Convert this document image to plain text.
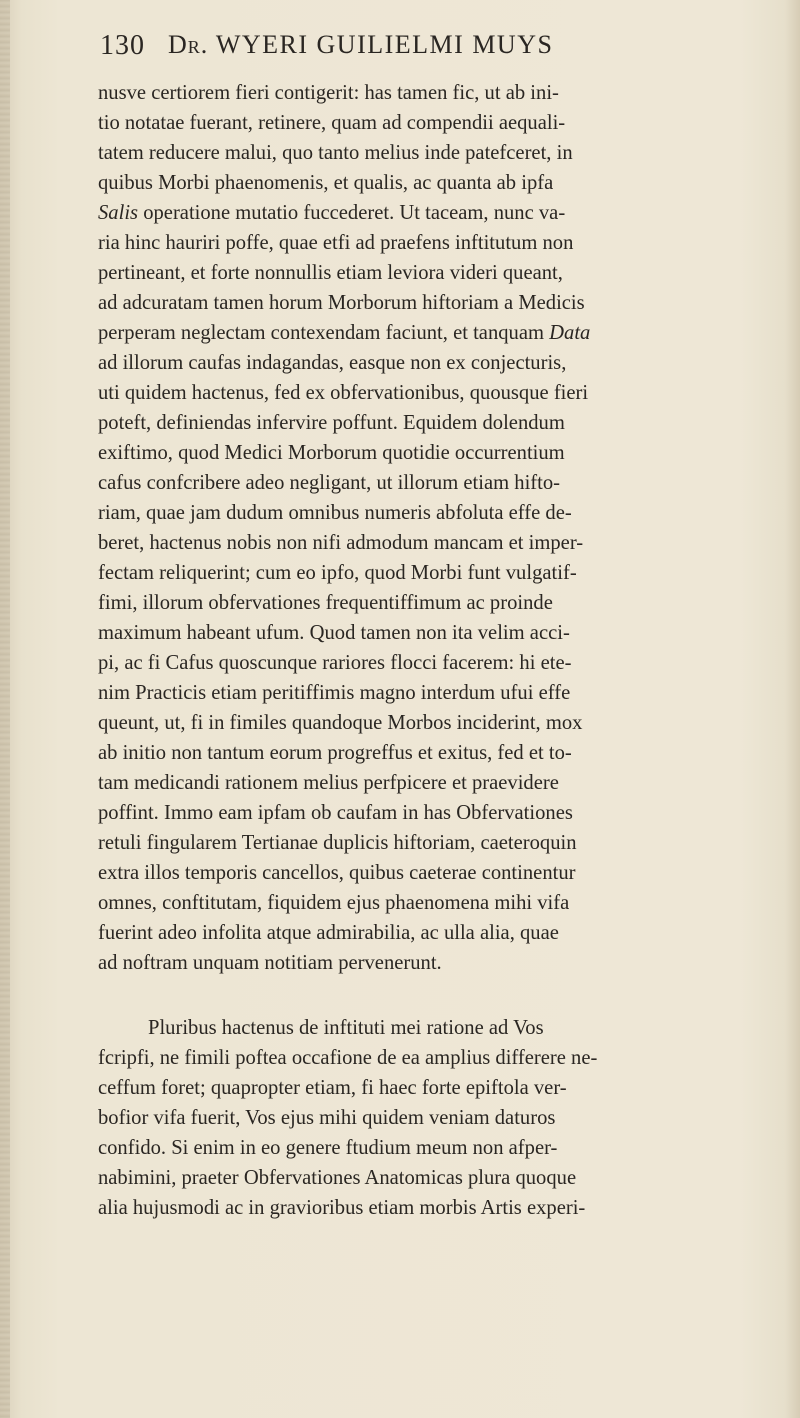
130 Dr. WYERI GUILIELMI MUYS
nusve certiorem fieri contigerit: has tamen fic, ut ab ini-
tio notatae fuerant, retinere, quam ad compendii aequali-
tatem reducere malui, quo tanto melius inde patefceret, in
quibus Morbi phaenomenis, et qualis, ac quanta ab ipfa
Salis operatione mutatio fuccederet. Ut taceam, nunc va-
ria hinc hauriri poffe, quae etfi ad praefens inftitutum non
pertineant, et forte nonnullis etiam leviora videri queant,
ad adcuratam tamen horum Morborum hiftoriam a Medicis
perperam neglectam contexendam faciunt, et tanquam Data
ad illorum caufas indagandas, easque non ex conjecturis,
uti quidem hactenus, fed ex obfervationibus, quousque fieri
poteft, definiendas infervire poffunt. Equidem dolendum
exiftimo, quod Medici Morborum quotidie occurrentium
cafus confcribere adeo negligant, ut illorum etiam hifto-
riam, quae jam dudum omnibus numeris abfoluta effe de-
beret, hactenus nobis non nifi admodum mancam et imper-
fectam reliquerint; cum eo ipfo, quod Morbi funt vulgatif-
fimi, illorum obfervationes frequentiffimum ac proinde
maximum habeant ufum. Quod tamen non ita velim acci-
pi, ac fi Cafus quoscunque rariores flocci facerem: hi ete-
nim Practicis etiam peritiffimis magno interdum ufui effe
queunt, ut, fi in fimiles quandoque Morbos inciderint, mox
ab initio non tantum eorum progreffus et exitus, fed et to-
tam medicandi rationem melius perfpicere et praevidere
poffint. Immo eam ipfam ob caufam in has Obfervationes
retuli fingularem Tertianae duplicis hiftoriam, caeteroquin
extra illos temporis cancellos, quibus caeterae continentur
omnes, conftitutam, fiquidem ejus phaenomena mihi vifa
fuerint adeo infolita atque admirabilia, ac ulla alia, quae
ad noftram unquam notitiam pervenerunt.
Pluribus hactenus de inftituti mei ratione ad Vos
fcripfi, ne fimili poftea occafione de ea amplius differere ne-
ceffum foret; quapropter etiam, fi haec forte epiftola ver-
bofior vifa fuerit, Vos ejus mihi quidem veniam daturos
confido. Si enim in eo genere ftudium meum non afper-
nabimini, praeter Obfervationes Anatomicas plura quoque
alia hujusmodi ac in gravioribus etiam morbis Artis experi-
